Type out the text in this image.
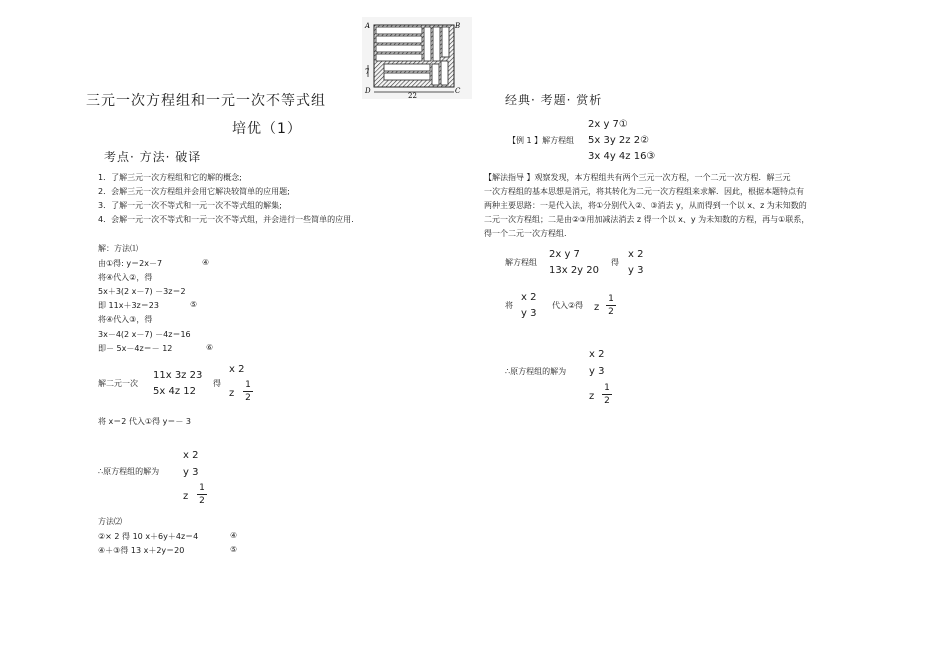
A	B
C
D
7
22
三元一次方程组和一元一次不等式组
培优（1）
考点· 方法· 破译
1．了解三元一次方程组和它的解的概念;
2．会解三元一次方程组并会用它解决较简单的应用题;
3．了解一元一次不等式和一元一次不等式组的解集;
4．会解一元一次不等式和一元一次不等式组，并会进行一些简单的应用.
解：方法⑴
由①得: y＝2x－7	④
将④代入②，得
5x＋3(2 x－7) －3z＝2
即 11x＋3z＝23	⑤
将④代入③，得
3x－4(2 x－7) －4z＝16
即－ 5x－4z＝－ 12	⑥
解二元一次
11x 3z 23
5x 4z 12
得
x 2
z
1
2
将 x＝2 代入①得 y＝－ 3
∴原方程组的解为
x 2
y 3
z
1
2
方法⑵
②× 2 得 10 x＋6y＋4z＝4	④
④＋③得 13 x＋2y＝20	⑤
经典· 考题· 赏析
2x y 7①
【例 1 】解方程组 5x 3y 2z 2②
3x 4y 4z 16③
【解法指导 】观察发现，本方程组共有两个三元一次方程，一个二元一次方程．解三元
一次方程组的基本思想是消元，将其转化为二元一次方程组来求解．因此，根据本题特点有
两种主要思路：一是代入法，将①分别代入②、③消去 y，从而得到一个以 x、z 为未知数的
二元一次方程组；二是由②③用加减法消去 z 得一个以 x、y 为未知数的方程，再与①联系，
得一个二元一次方程组.
解方程组
2x y 7
13x 2y 20
得
x 2
y 3
将
x 2
y 3
代入②得 z
1
2
∴原方程组的解为
x 2
y 3
z
1
2
